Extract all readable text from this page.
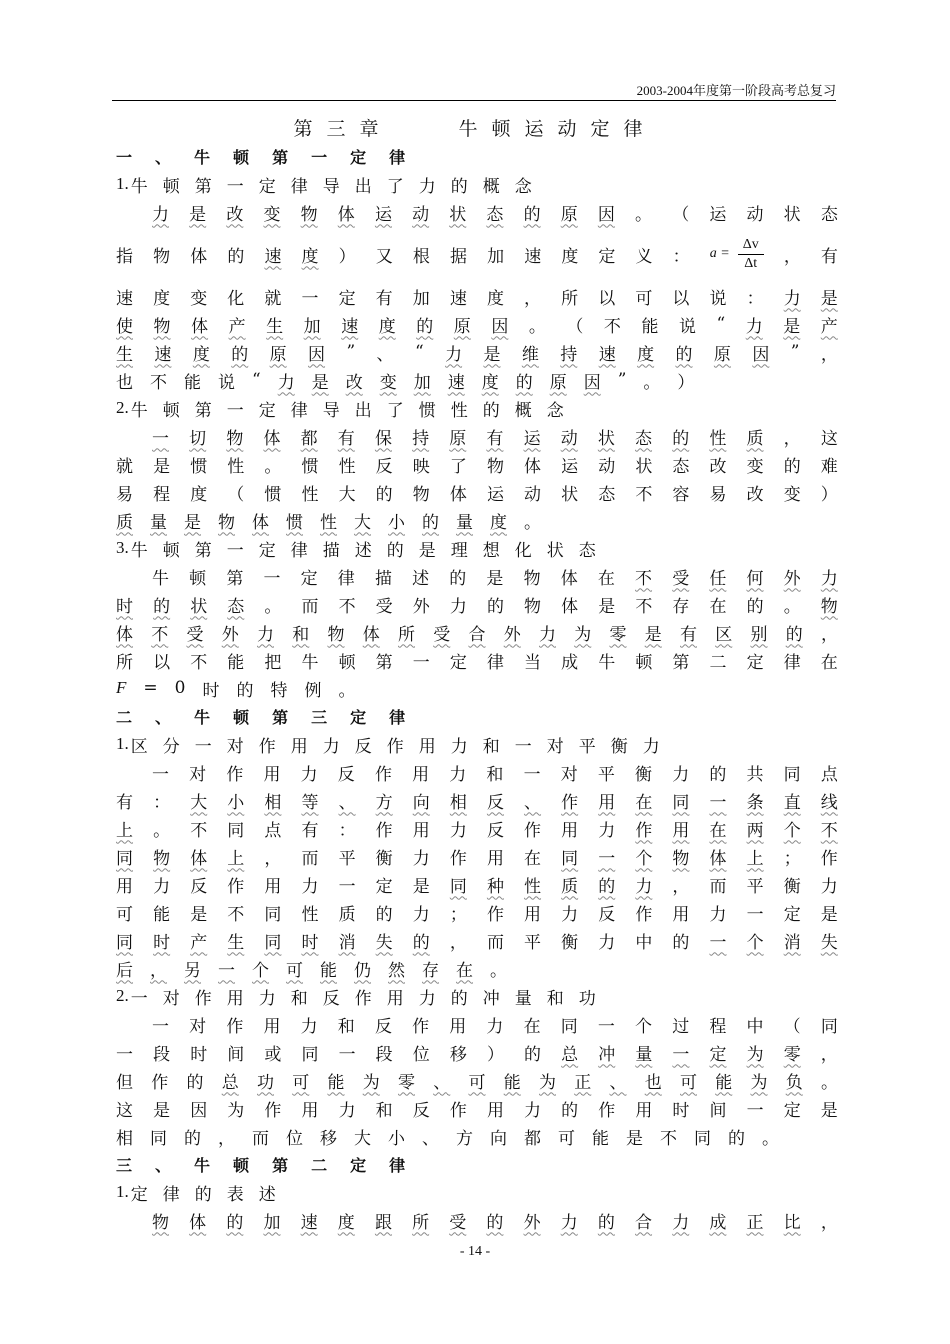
2003-2004年度第一阶段高考总复习
第三章　　牛顿运动定律
一 、 牛 顿 第 一 定 律
1. 牛 顿 第 一 定 律 导 出 了 力 的 概 念
力 是 改 变 物 体 运 动 状 态 的 原 因 。 （ 运 动 状 态
指 物 体 的 速 度 ） 又 根 据 加 速 度 定 义 ： $a = \frac{\Delta v}{\Delta t}$ ， 有
速 度 变 化 就 一 定 有 加 速 度 ， 所 以 可 以 说 ： 力 是
使 物 体 产 生 加 速 度 的 原 因 。 （ 不 能 说 “ 力 是 产
生 速 度 的 原 因 ” 、 “ 力 是 维 持 速 度 的 原 因 ” ，
也 不 能 说 “ 力 是 改 变 加 速 度 的 原 因 ” 。 ）
2. 牛 顿 第 一 定 律 导 出 了 惯 性 的 概 念
一 切 物 体 都 有 保 持 原 有 运 动 状 态 的 性 质 ， 这
就 是 惯 性 。 惯 性 反 映 了 物 体 运 动 状 态 改 变 的 难
易 程 度 （ 惯 性 大 的 物 体 运 动 状 态 不 容 易 改 变 ）
质 量 是 物 体 惯 性 大 小 的 量 度 。
3. 牛 顿 第 一 定 律 描 述 的 是 理 想 化 状 态
牛 顿 第 一 定 律 描 述 的 是 物 体 在 不 受 任 何 外 力
时 的 状 态 。 而 不 受 外 力 的 物 体 是 不 存 在 的 。 物
体 不 受 外 力 和 物 体 所 受 合 外 力 为 零 是 有 区 别 的 ，
所 以 不 能 把 牛 顿 第 一 定 律 当 成 牛 顿 第 二 定 律 在
F = 0 时 的 特 例 。
二 、 牛 顿 第 三 定 律
1. 区 分 一 对 作 用 力 反 作 用 力 和 一 对 平 衡 力
一 对 作 用 力 反 作 用 力 和 一 对 平 衡 力 的 共 同 点
有 ： 大 小 相 等 、 方 向 相 反 、 作 用 在 同 一 条 直 线
上 。 不 同 点 有 ： 作 用 力 反 作 用 力 作 用 在 两 个 不
同 物 体 上 ， 而 平 衡 力 作 用 在 同 一 个 物 体 上 ； 作
用 力 反 作 用 力 一 定 是 同 种 性 质 的 力 ， 而 平 衡 力
可 能 是 不 同 性 质 的 力 ； 作 用 力 反 作 用 力 一 定 是
同 时 产 生 同 时 消 失 的 ， 而 平 衡 力 中 的 一 个 消 失
后 ， 另 一 个 可 能 仍 然 存 在 。
2. 一 对 作 用 力 和 反 作 用 力 的 冲 量 和 功
一 对 作 用 力 和 反 作 用 力 在 同 一 个 过 程 中 （ 同
一 段 时 间 或 同 一 段 位 移 ） 的 总 冲 量 一 定 为 零 ，
但 作 的 总 功 可 能 为 零 、 可 能 为 正 、 也 可 能 为 负 。
这 是 因 为 作 用 力 和 反 作 用 力 的 作 用 时 间 一 定 是
相 同 的 ， 而 位 移 大 小 、 方 向 都 可 能 是 不 同 的 。
三 、 牛 顿 第 二 定 律
1. 定 律 的 表 述
物 体 的 加 速 度 跟 所 受 的 外 力 的 合 力 成 正 比 ，
- 14 -
